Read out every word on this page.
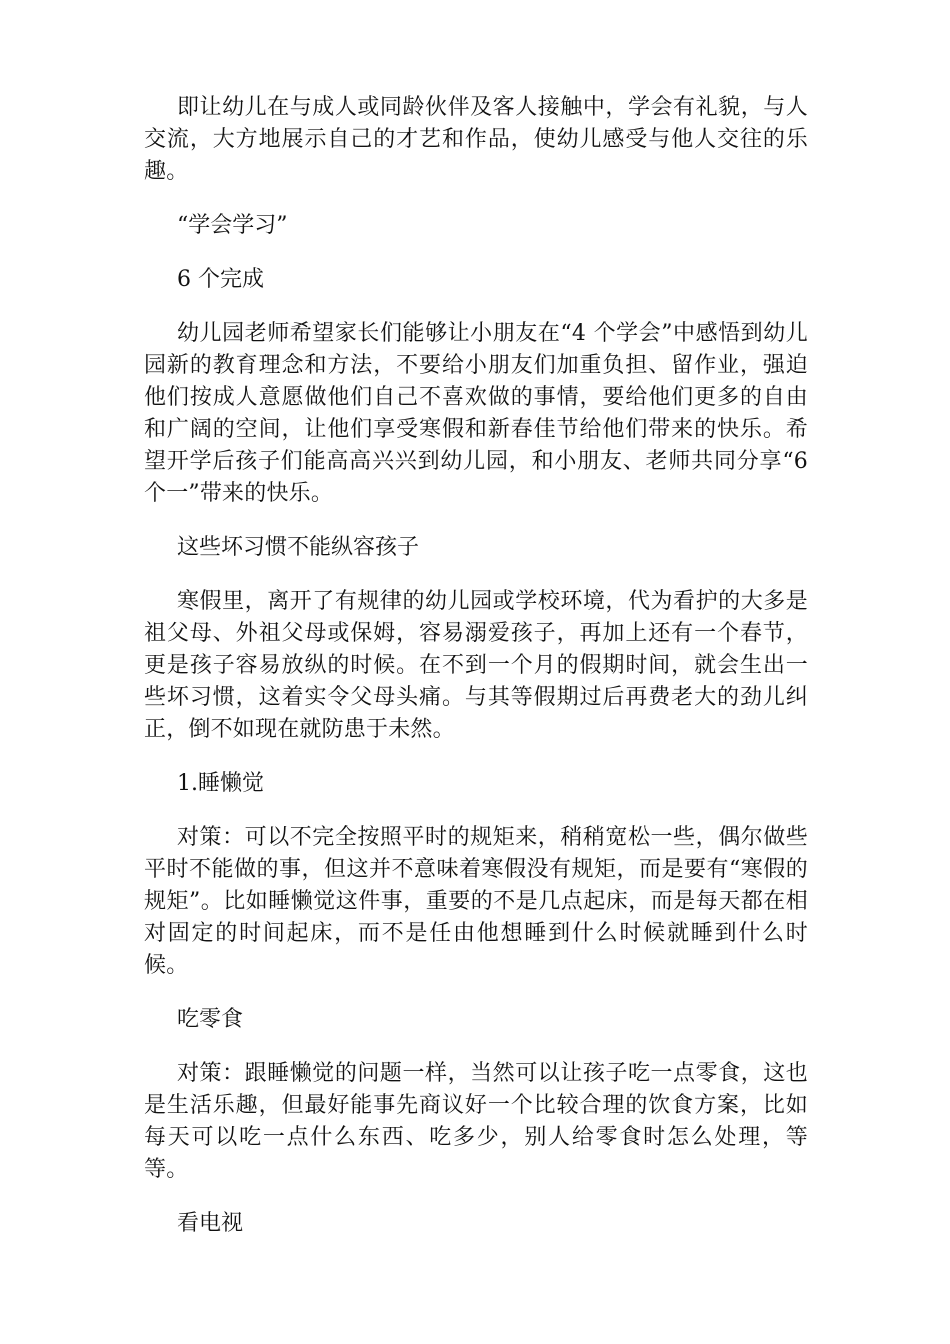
即让幼儿在与成人或同龄伙伴及客人接触中，学会有礼貌，与人交流，大方地展示自己的才艺和作品，使幼儿感受与他人交往的乐趣。

“学会学习”

6 个完成

幼儿园老师希望家长们能够让小朋友在“4 个学会”中感悟到幼儿园新的教育理念和方法，不要给小朋友们加重负担、留作业，强迫他们按成人意愿做他们自己不喜欢做的事情，要给他们更多的自由和广阔的空间，让他们享受寒假和新春佳节给他们带来的快乐。希望开学后孩子们能高高兴兴到幼儿园，和小朋友、老师共同分享“6 个一”带来的快乐。

这些坏习惯不能纵容孩子

寒假里，离开了有规律的幼儿园或学校环境，代为看护的大多是祖父母、外祖父母或保姆，容易溺爱孩子，再加上还有一个春节，更是孩子容易放纵的时候。在不到一个月的假期时间，就会生出一些坏习惯，这着实令父母头痛。与其等假期过后再费老大的劲儿纠正，倒不如现在就防患于未然。

1.睡懒觉

对策：可以不完全按照平时的规矩来，稍稍宽松一些，偶尔做些平时不能做的事，但这并不意味着寒假没有规矩，而是要有“寒假的规矩”。比如睡懒觉这件事，重要的不是几点起床，而是每天都在相对固定的时间起床，而不是任由他想睡到什么时候就睡到什么时候。

吃零食

对策：跟睡懒觉的问题一样，当然可以让孩子吃一点零食，这也是生活乐趣，但最好能事先商议好一个比较合理的饮食方案，比如每天可以吃一点什么东西、吃多少，别人给零食时怎么处理，等等。

看电视
